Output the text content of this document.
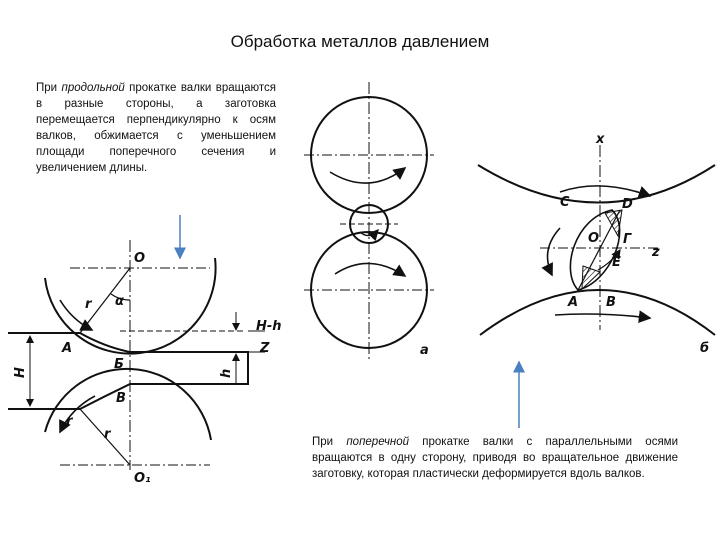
Обработка металлов давлением

При продольной прокатке валки вращаются в разные стороны, а заготовка перемещается перпендикулярно к осям валков, обжимается с уменьшением площади поперечного сечения и увеличением длины.

При поперечной прокатке валки с параллельными осями вращаются в одну сторону, приводя во вращательное движение заготовку, которая пластически деформируется вдоль валков.

O
α
r
A
Б
В
H-h
Z
H	h
r
r
O₁
а
x
z
С	D
O Г
E
A В
б
